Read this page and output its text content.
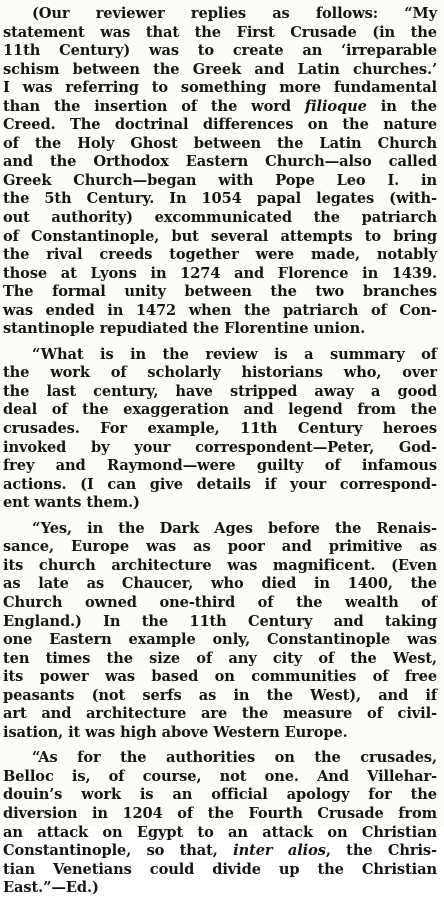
(Our reviewer replies as follows: “My
statement was that the First Crusade (in the
11th Century) was to create an ‘irreparable
schism between the Greek and Latin churches.’
I was referring to something more fundamental
than the insertion of the word filioque in the
Creed. The doctrinal differences on the nature
of the Holy Ghost between the Latin Church
and the Orthodox Eastern Church—also called
Greek Church—began with Pope Leo I. in
the 5th Century. In 1054 papal legates (with-
out authority) excommunicated the patriarch
of Constantinople, but several attempts to bring
the rival creeds together were made, notably
those at Lyons in 1274 and Florence in 1439.
The formal unity between the two branches
was ended in 1472 when the patriarch of Con-
stantinople repudiated the Florentine union.
“What is in the review is a summary of
the work of scholarly historians who, over
the last century, have stripped away a good
deal of the exaggeration and legend from the
crusades. For example, 11th Century heroes
invoked by your correspondent—Peter, God-
frey and Raymond—were guilty of infamous
actions. (I can give details if your correspond-
ent wants them.)
“Yes, in the Dark Ages before the Renais-
sance, Europe was as poor and primitive as
its church architecture was magnificent. (Even
as late as Chaucer, who died in 1400, the
Church owned one-third of the wealth of
England.) In the 11th Century and taking
one Eastern example only, Constantinople was
ten times the size of any city of the West,
its power was based on communities of free
peasants (not serfs as in the West), and if
art and architecture are the measure of civil-
isation, it was high above Western Europe.
“As for the authorities on the crusades,
Belloc is, of course, not one. And Villehar-
douin’s work is an official apology for the
diversion in 1204 of the Fourth Crusade from
an attack on Egypt to an attack on Christian
Constantinople, so that, inter alios, the Chris-
tian Venetians could divide up the Christian
East.”—Ed.)
